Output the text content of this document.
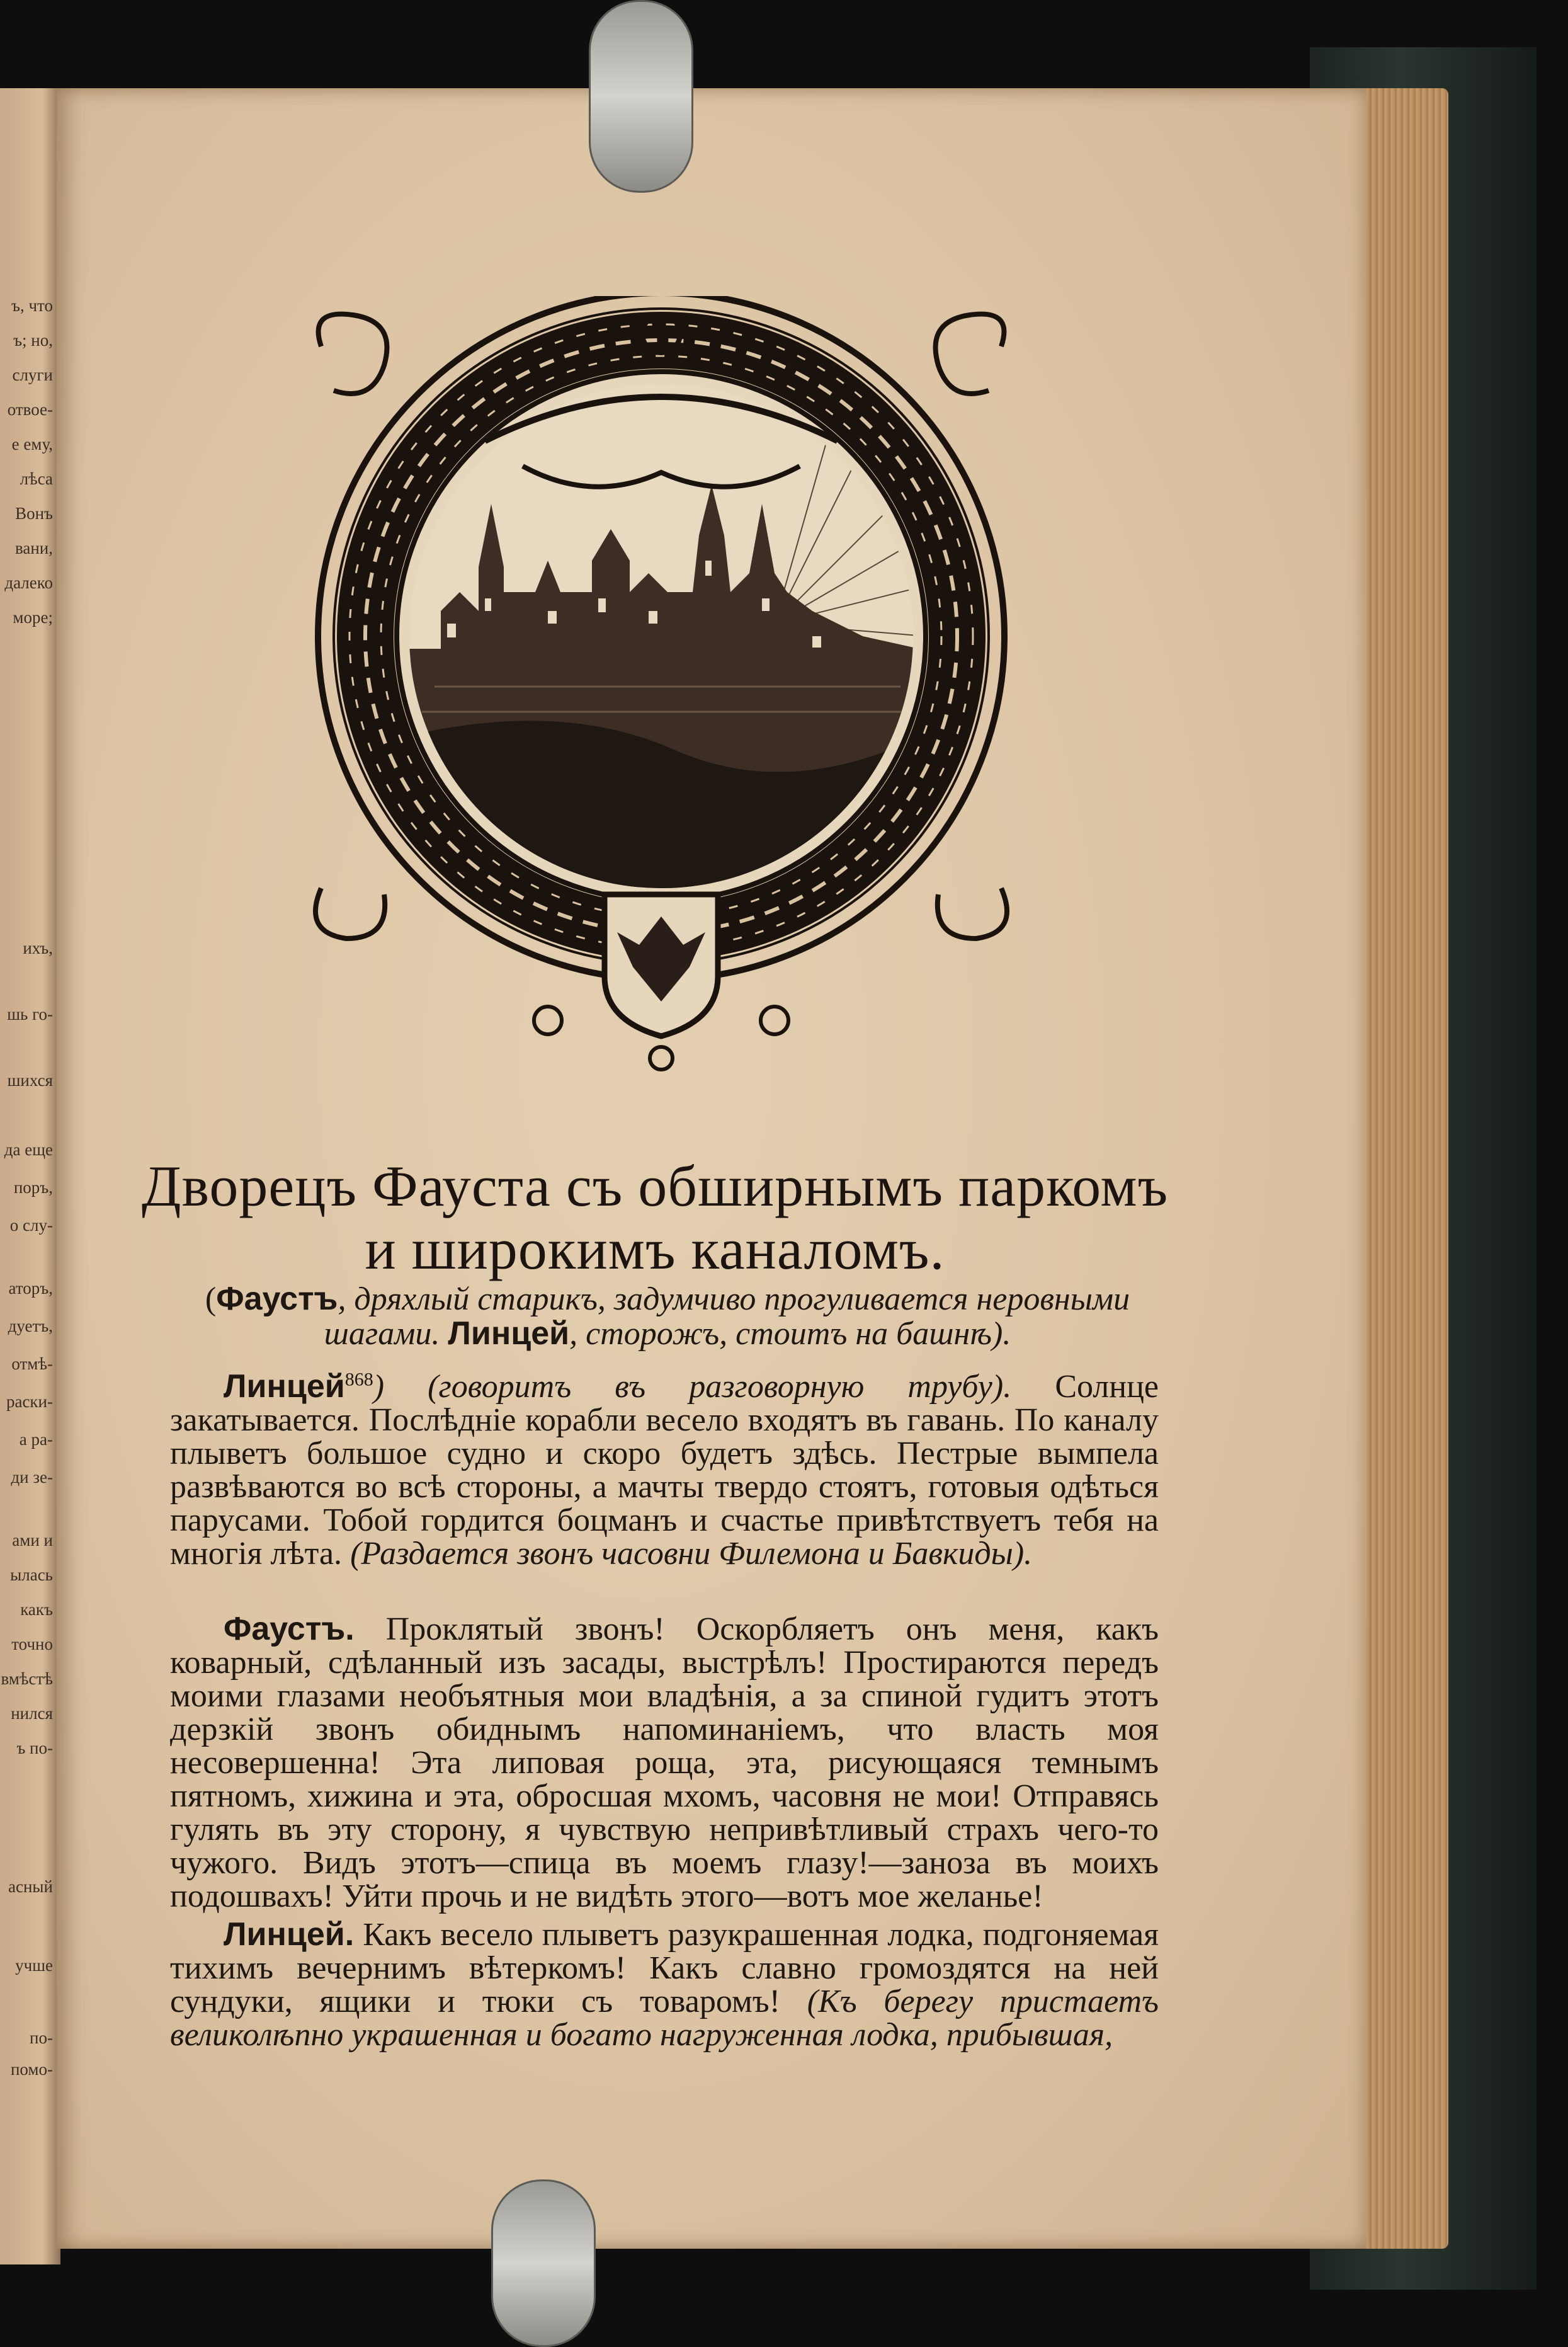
ъ, что
ъ; но,
слуги
отвое-
е ему,
лѣса
Вонъ
вани,
далеко
море;
ихъ,
шь го-
шихся
да еще
поръ,
о слу-
аторъ,
дуетъ,
отмѣ-
раски-
а ра-
ди зе-
ами и
ылась
какъ
точно
вмѣстѣ
нился
ъ по-
асный
учше
по-
помо-
Дворецъ Фауста съ обширнымъ паркомъ
и широкимъ каналомъ.
(Фаустъ, дряхлый старикъ, задумчиво прогуливается неровными шагами. Линцей, сторожъ, стоитъ на башнѣ).
Линцей$^{868}$) (говоритъ въ разговорную трубу). Солнце закатывается. Послѣднiе корабли весело входятъ въ гавань. По каналу плыветъ большое судно и скоро будетъ здѣсь. Пестрые вымпела развѣваются во всѣ стороны, а мачты твердо стоятъ, готовыя одѣться парусами. Тобой гордится боцманъ и счастье привѣтствуетъ тебя на многiя лѣта. (Раздается звонъ часовни Филемона и Бавкиды).
Фаустъ. Проклятый звонъ! Оскорбляетъ онъ меня, какъ коварный, сдѣланный изъ засады, выстрѣлъ! Простираются передъ моими глазами необъятныя мои владѣнiя, а за спиной гудитъ этотъ дерзкiй звонъ обиднымъ напоминанiемъ, что власть моя несовершенна! Эта липовая роща, эта, рисующаяся темнымъ пятномъ, хижина и эта, обросшая мхомъ, часовня не мои! Отправясь гулять въ эту сторону, я чувствую непривѣтливый страхъ чего-то чужого. Видъ этотъ—спица въ моемъ глазу!—заноза въ моихъ подошвахъ! Уйти прочь и не видѣть этого—вотъ мое желанье!
Линцей. Какъ весело плыветъ разукрашенная лодка, подгоняемая тихимъ вечернимъ вѣтеркомъ! Какъ славно громоздятся на ней сундуки, ящики и тюки съ товаромъ! (Къ берегу пристаетъ великолѣпно украшенная и богато нагруженная лодка, прибывшая,
